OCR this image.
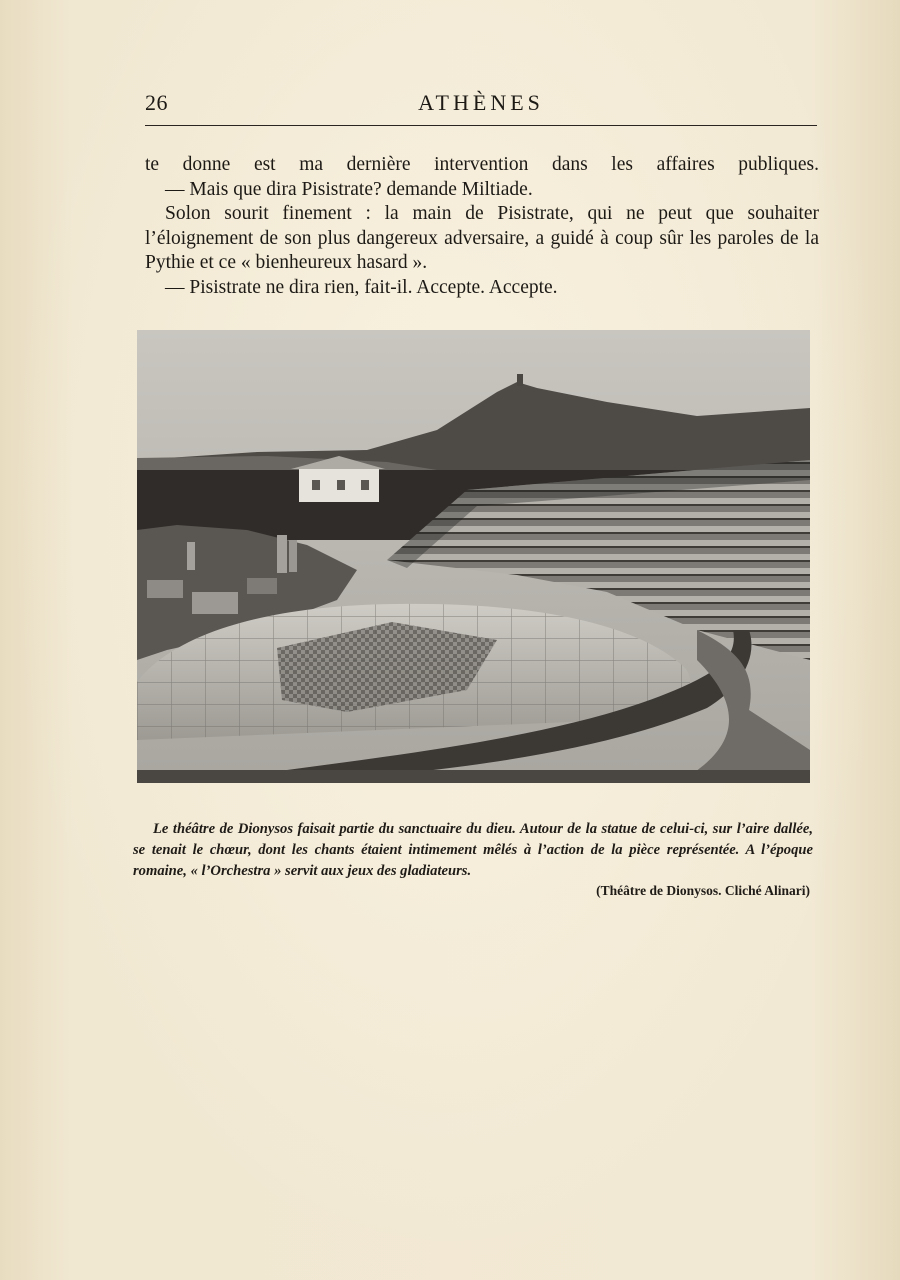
26	ATHÈNES

te donne est ma dernière intervention dans les affaires publiques.

— Mais que dira Pisistrate? demande Miltiade.

Solon sourit finement : la main de Pisistrate, qui ne peut que souhaiter l’éloignement de son plus dangereux adversaire, a guidé à coup sûr les paroles de la Pythie et ce « bienheureux hasard ».

— Pisistrate ne dira rien, fait-il. Accepte. Accepte.

Le théâtre de Dionysos faisait partie du sanctuaire du dieu. Autour de la statue de celui-ci, sur l’aire dallée, se tenait le chœur, dont les chants étaient intimement mêlés à l’action de la pièce représentée. A l’époque romaine, « l’Orchestra » servit aux jeux des gladiateurs.

(Théâtre de Dionysos. Cliché Alinari)
